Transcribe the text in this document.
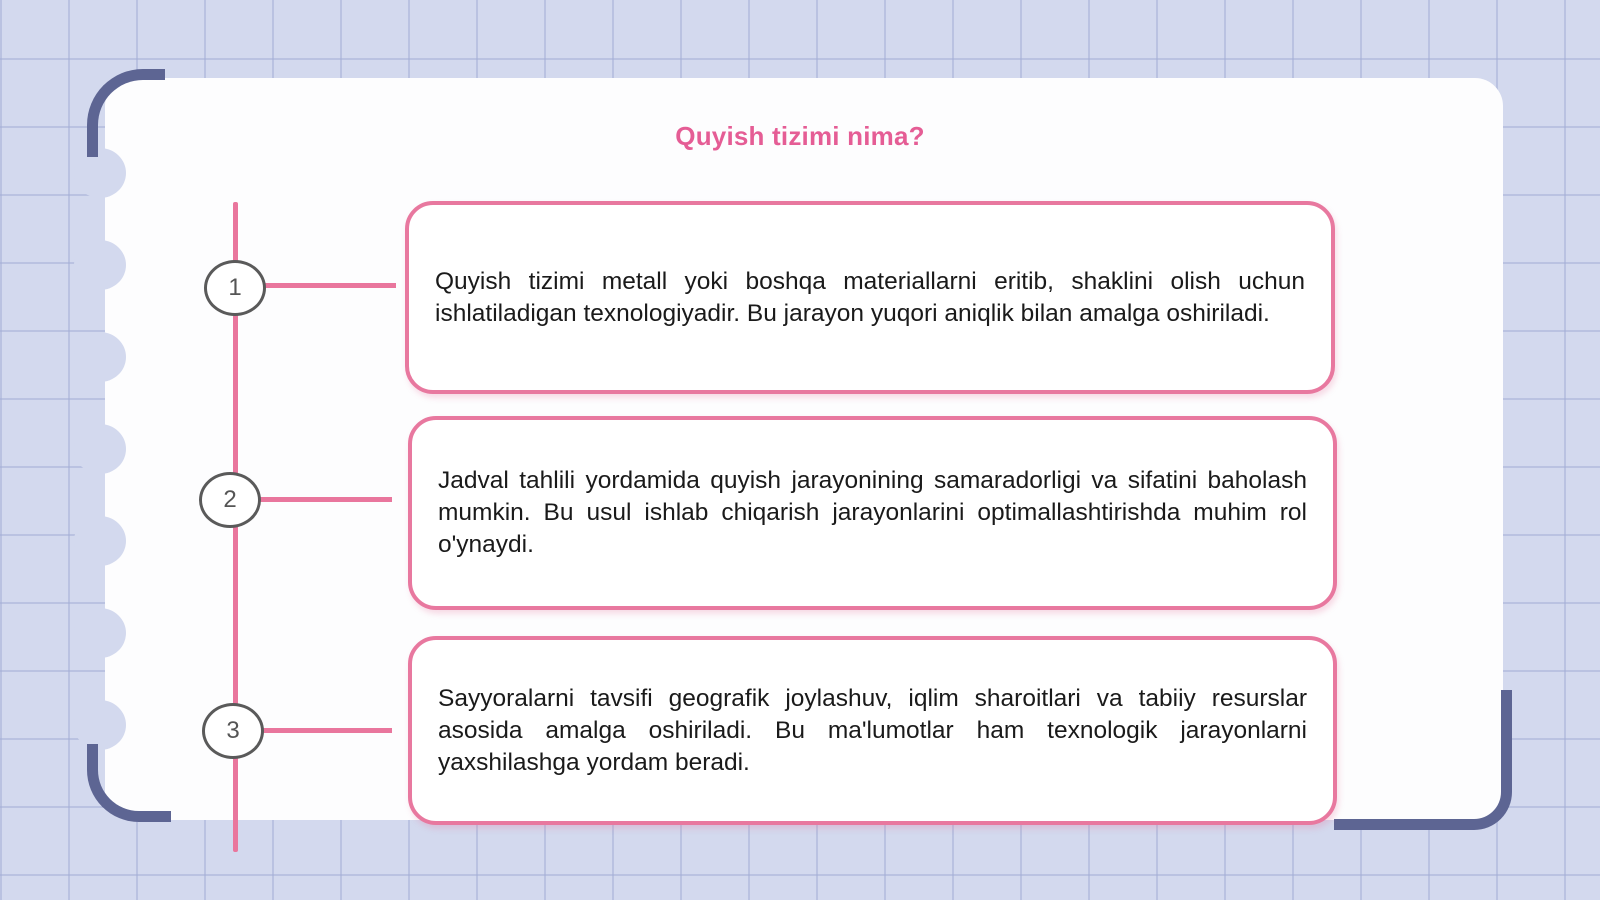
Quyish tizimi nima?
1	Quyish tizimi metall yoki boshqa materiallarni eritib, shaklini olish uchun ishlatiladigan texnologiyadir. Bu jarayon yuqori aniqlik bilan amalga oshiriladi.

2

Jadval tahlili yordamida quyish jarayonining samaradorligi va sifatini baholash mumkin. Bu usul ishlab chiqarish jarayonlarini optimallashtirishda muhim rol o'ynaydi.

3

Sayyoralarni tavsifi geografik joylashuv, iqlim sharoitlari va tabiiy resurslar asosida amalga oshiriladi. Bu ma'lumotlar ham texnologik jarayonlarni yaxshilashga yordam beradi.
